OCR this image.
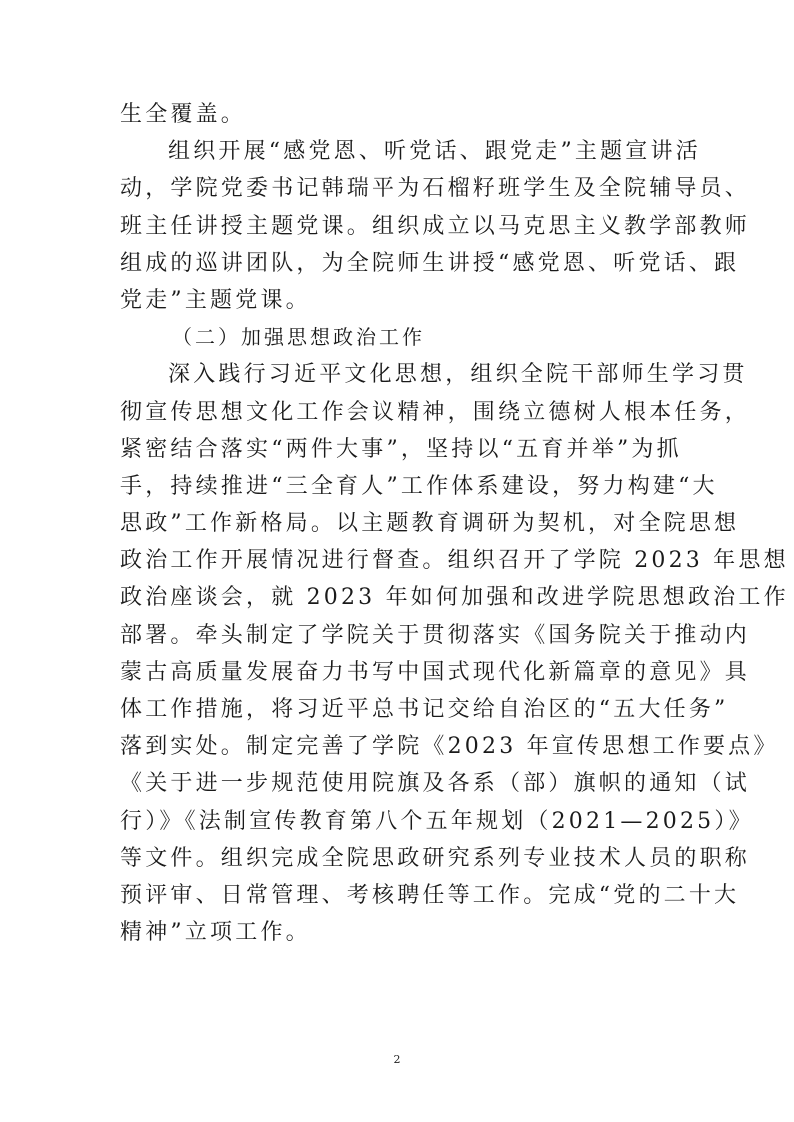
生全覆盖。
组织开展“感党恩、听党话、跟党走”主题宣讲活
动，学院党委书记韩瑞平为石榴籽班学生及全院辅导员、
班主任讲授主题党课。组织成立以马克思主义教学部教师
组成的巡讲团队，为全院师生讲授“感党恩、听党话、跟
党走”主题党课。
（二）加强思想政治工作
深入践行习近平文化思想，组织全院干部师生学习贯
彻宣传思想文化工作会议精神，围绕立德树人根本任务，
紧密结合落实“两件大事”，坚持以“五育并举”为抓
手，持续推进“三全育人”工作体系建设，努力构建“大
思政”工作新格局。以主题教育调研为契机，对全院思想
政治工作开展情况进行督查。组织召开了学院 2023 年思想
政治座谈会，就 2023 年如何加强和改进学院思想政治工作
部署。牵头制定了学院关于贯彻落实《国务院关于推动内
蒙古高质量发展奋力书写中国式现代化新篇章的意见》具
体工作措施，将习近平总书记交给自治区的“五大任务”
落到实处。制定完善了学院《2023 年宣传思想工作要点》
《关于进一步规范使用院旗及各系（部）旗帜的通知（试
行）》《法制宣传教育第八个五年规划（2021—2025）》
等文件。组织完成全院思政研究系列专业技术人员的职称
预评审、日常管理、考核聘任等工作。完成“党的二十大
精神”立项工作。
2
